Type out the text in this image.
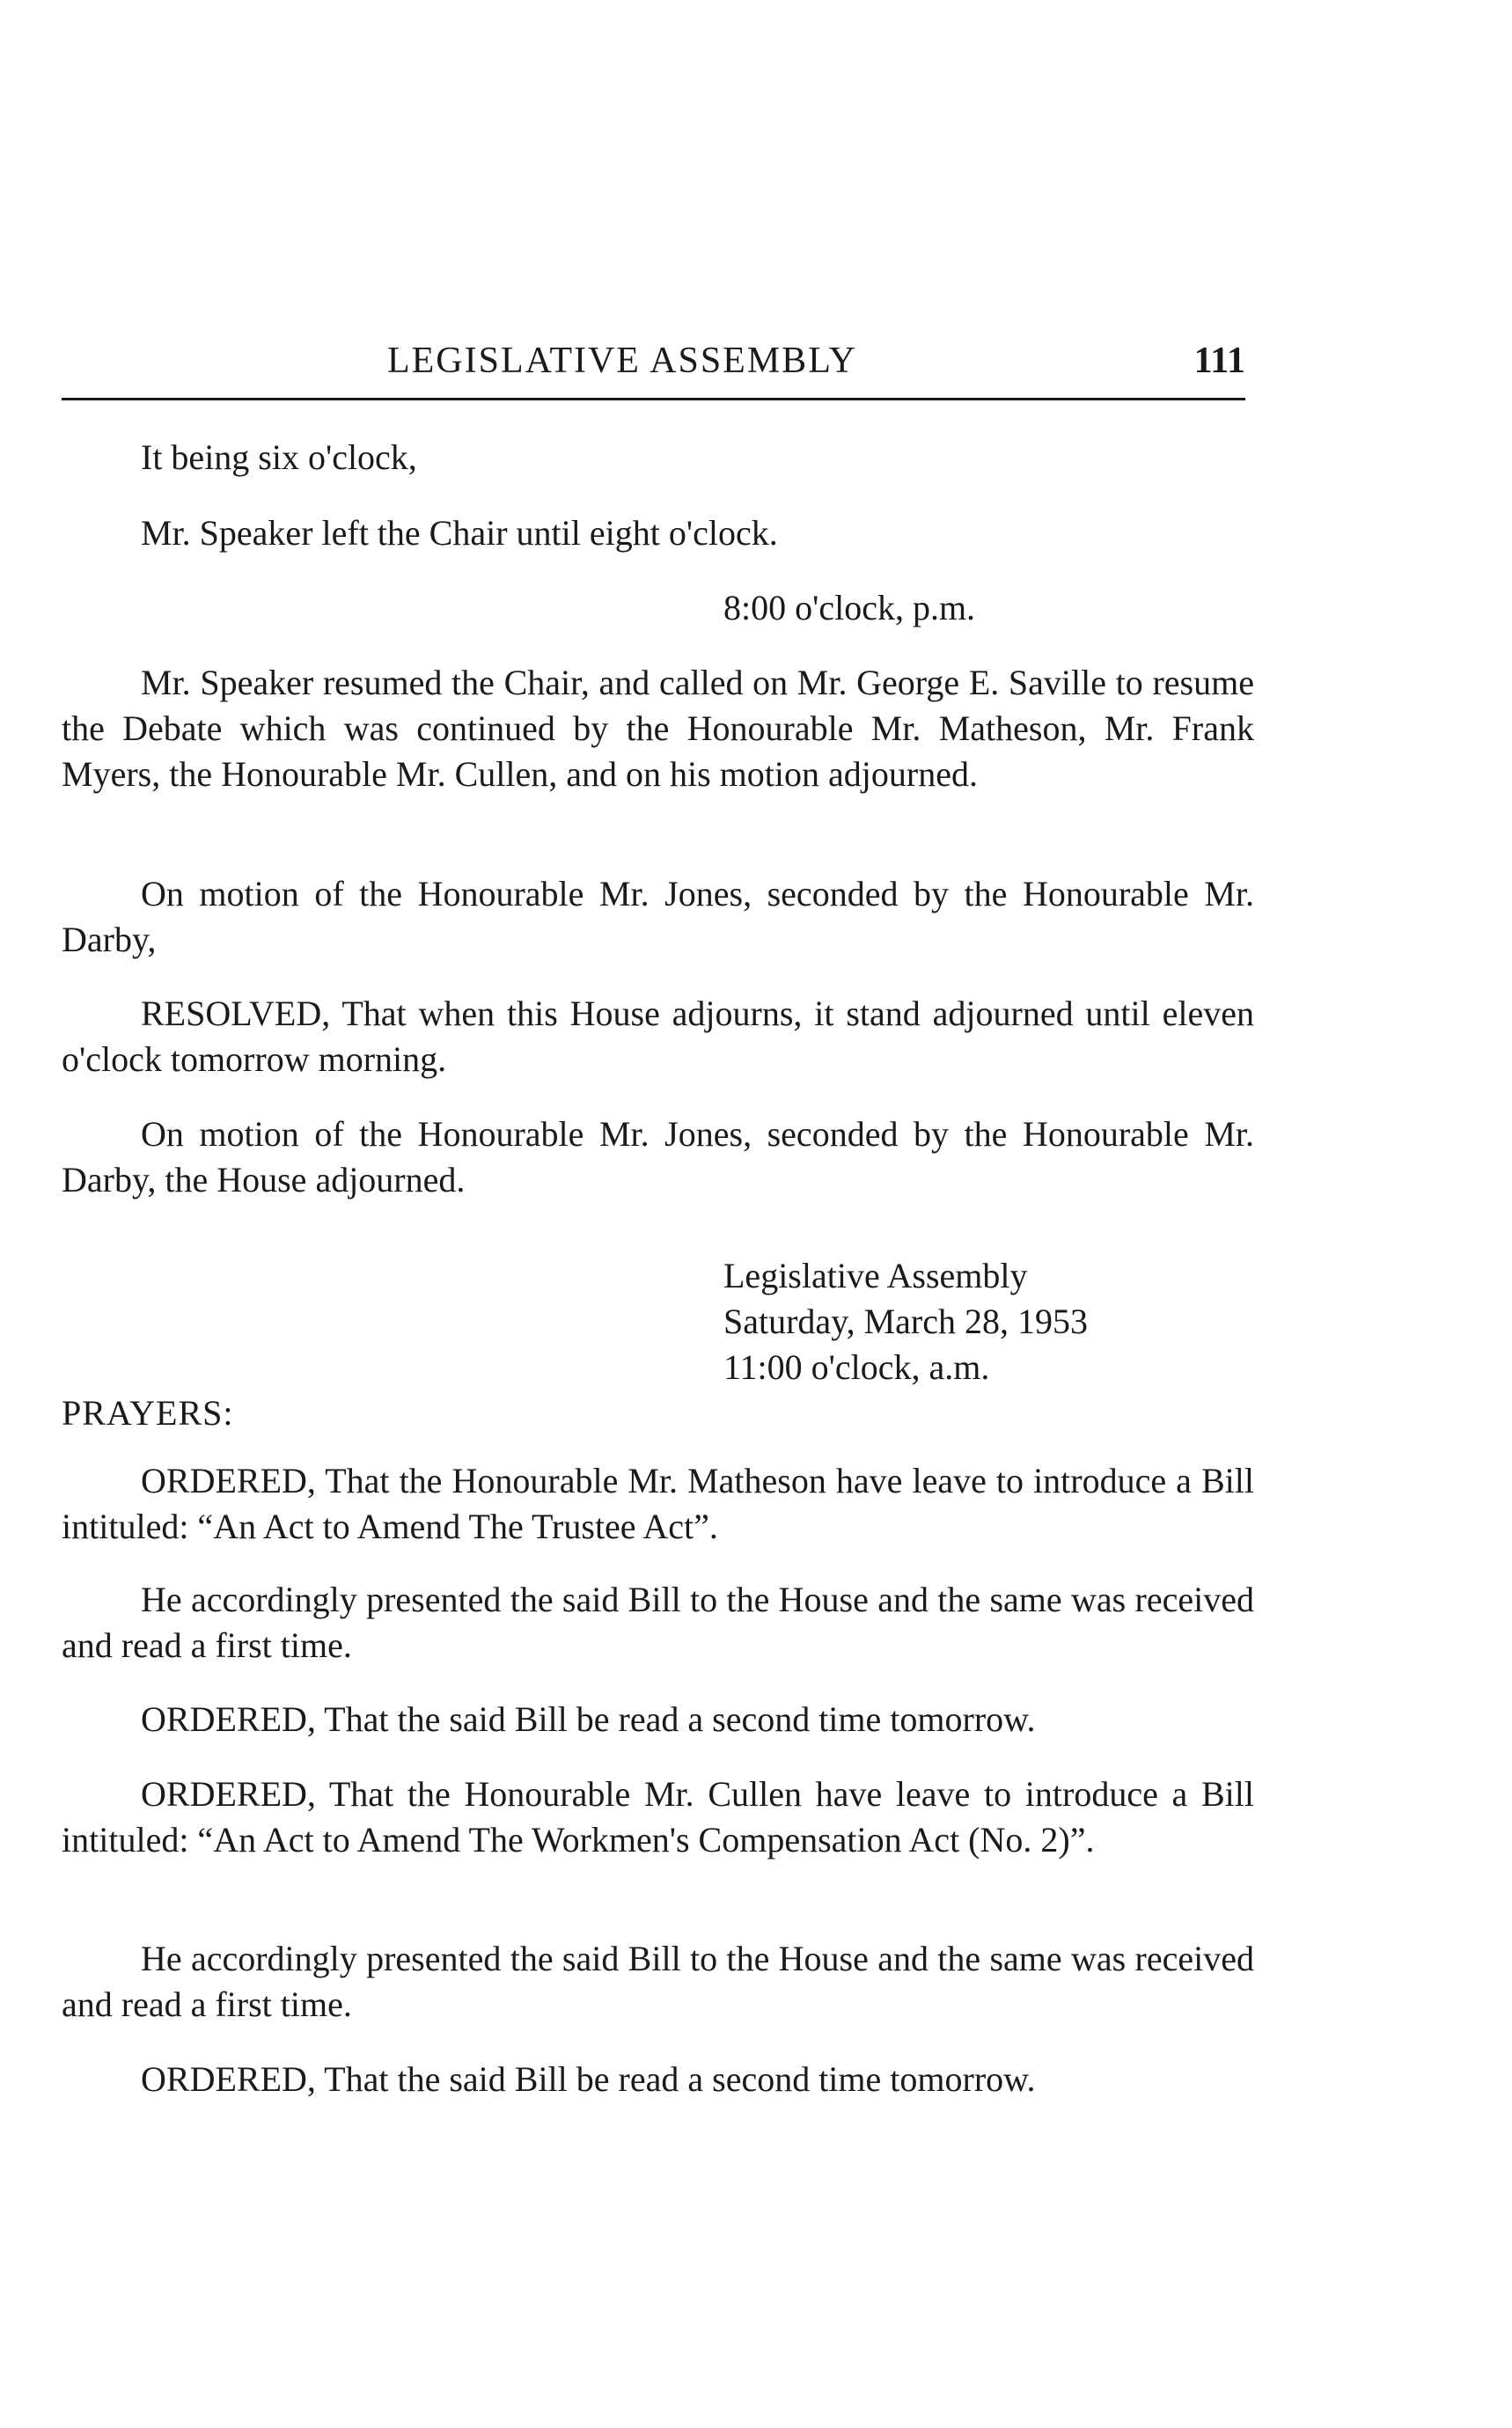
LEGISLATIVE ASSEMBLY	111
It being six o'clock,
Mr. Speaker left the Chair until eight o'clock.
8:00 o'clock, p.m.
Mr. Speaker resumed the Chair, and called on Mr. George E. Saville to resume the Debate which was continued by the Honourable Mr. Matheson, Mr. Frank Myers, the Honourable Mr. Cullen, and on his motion adjourned.
On motion of the Honourable Mr. Jones, seconded by the Honourable Mr. Darby,
RESOLVED, That when this House adjourns, it stand adjourned until eleven o'clock tomorrow morning.
On motion of the Honourable Mr. Jones, seconded by the Honourable Mr. Darby, the House adjourned.
Legislative Assembly
Saturday, March 28, 1953
11:00 o'clock, a.m.
PRAYERS:
ORDERED, That the Honourable Mr. Matheson have leave to introduce a Bill intituled: “An Act to Amend The Trustee Act”.
He accordingly presented the said Bill to the House and the same was received and read a first time.
ORDERED, That the said Bill be read a second time tomorrow.
ORDERED, That the Honourable Mr. Cullen have leave to introduce a Bill intituled: “An Act to Amend The Workmen's Compensation Act (No. 2)”.
He accordingly presented the said Bill to the House and the same was received and read a first time.
ORDERED, That the said Bill be read a second time tomorrow.
